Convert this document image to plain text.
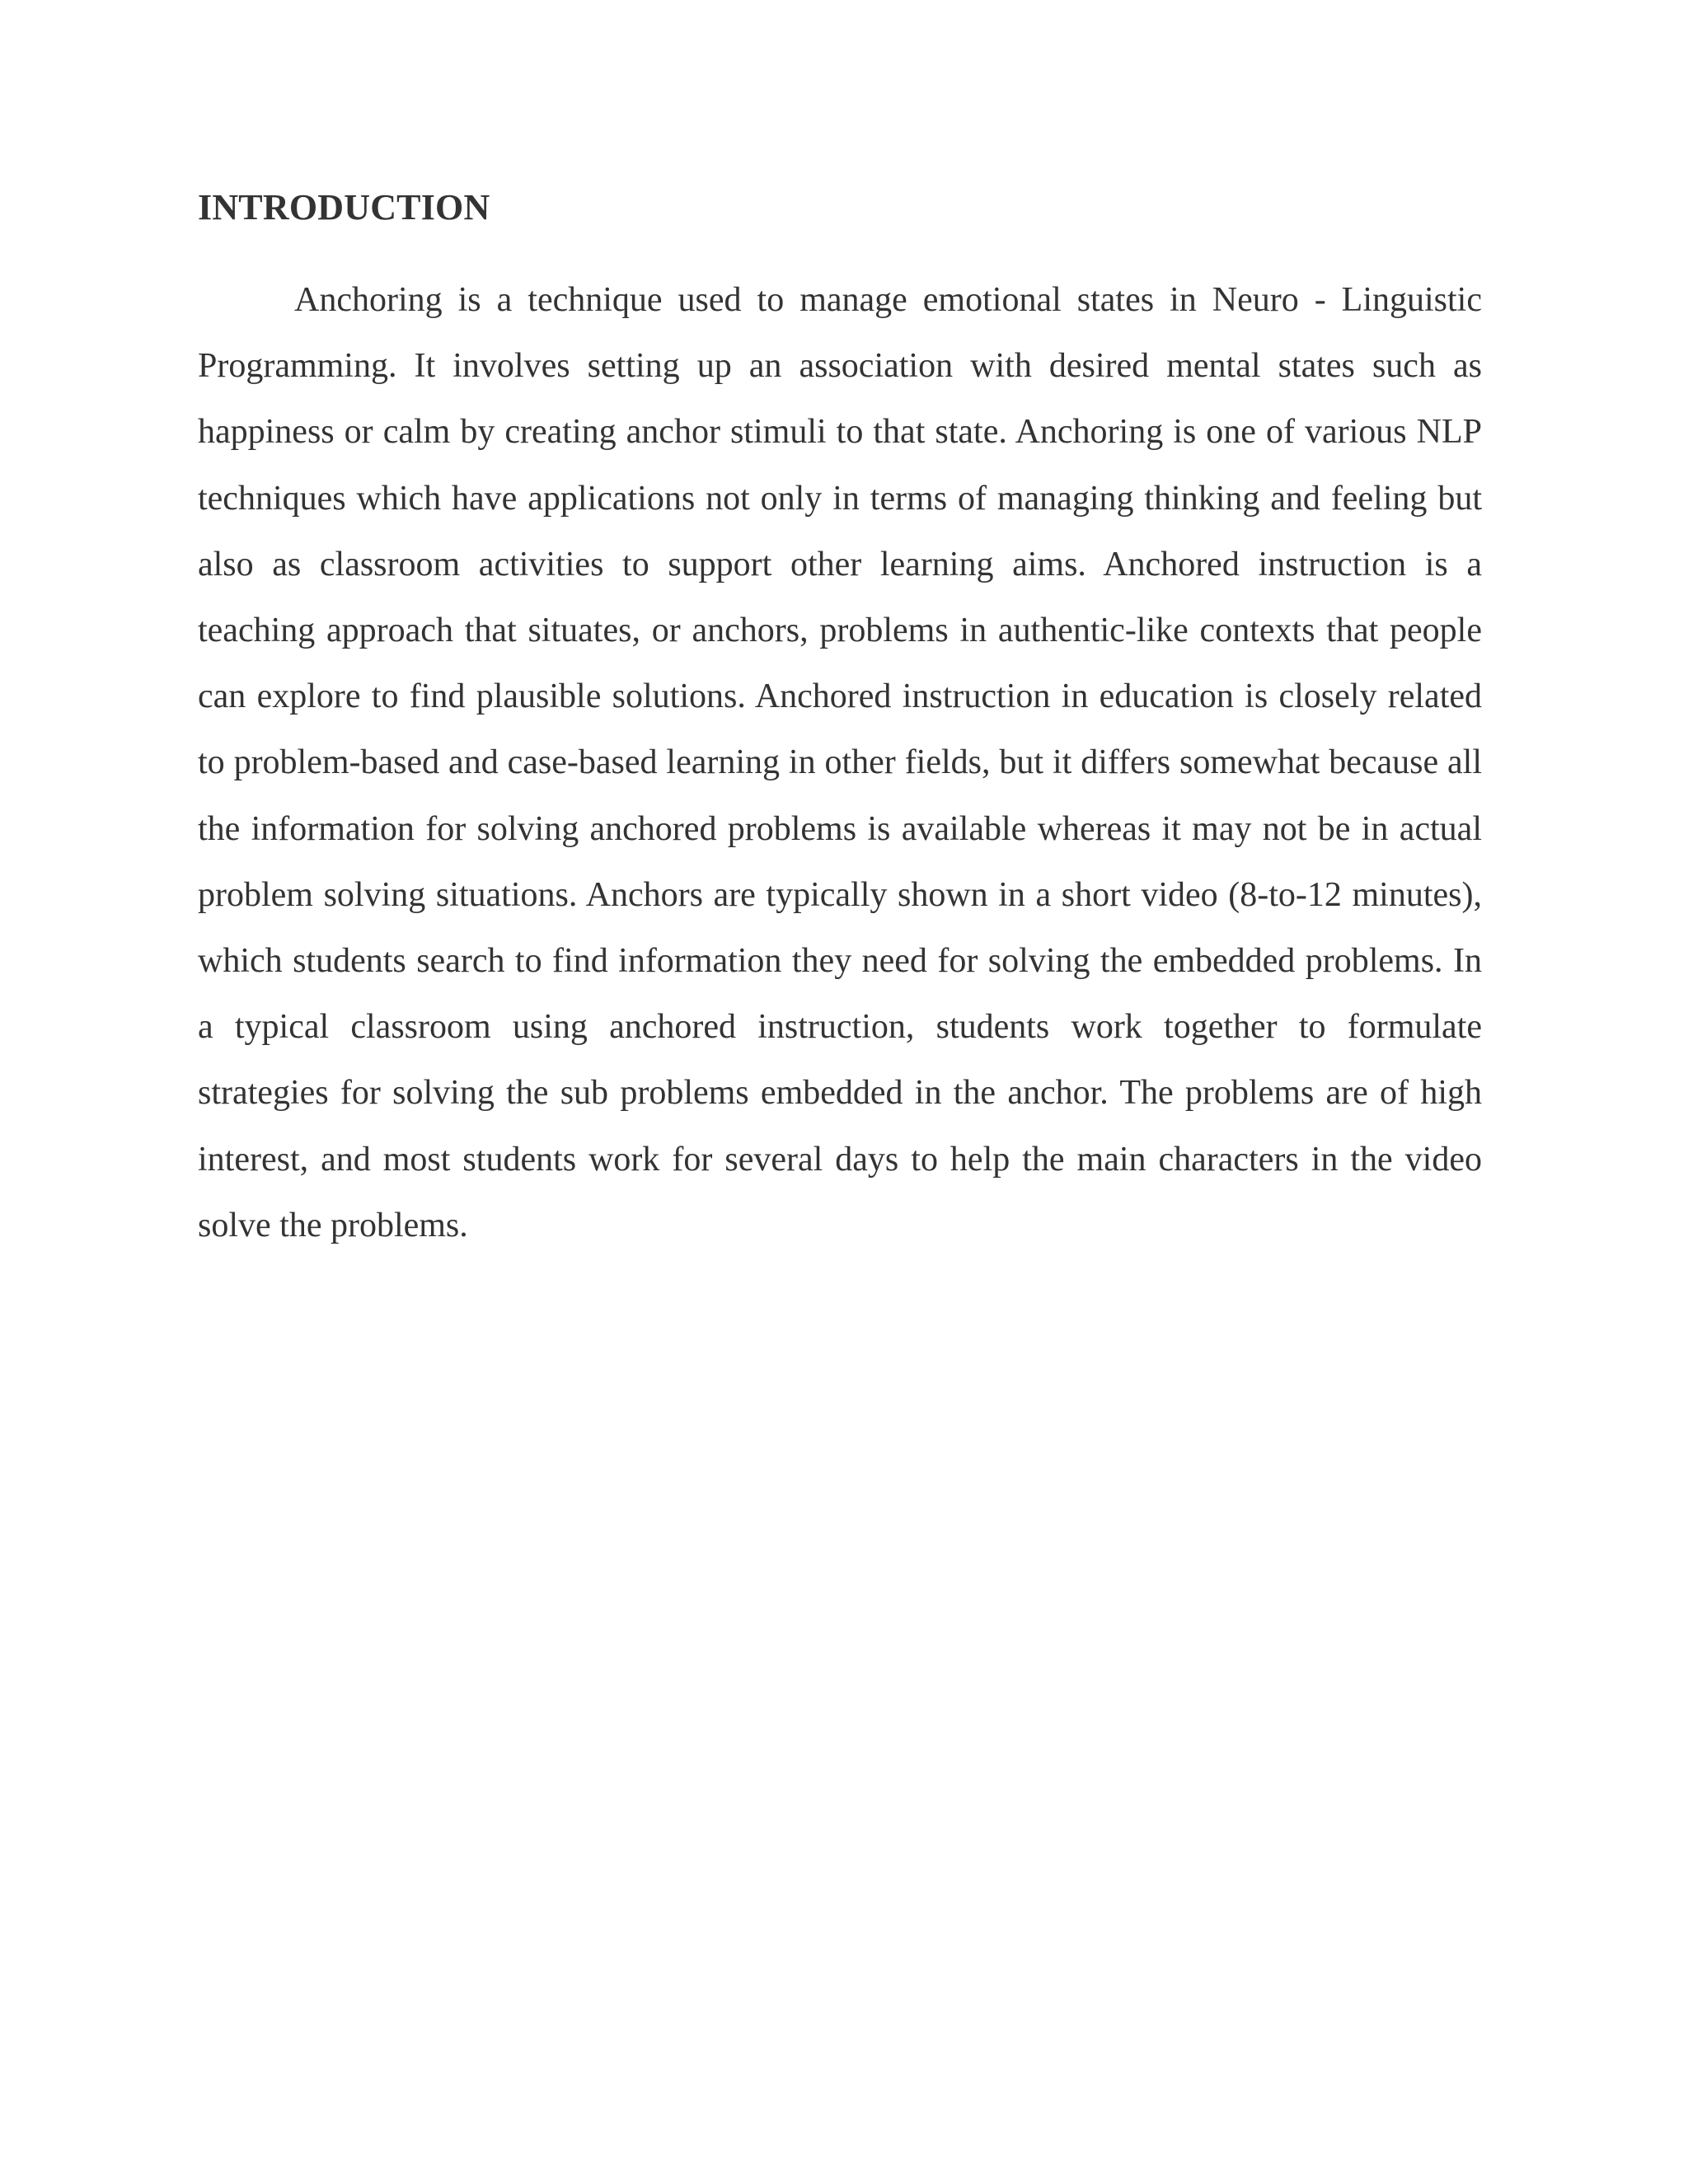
INTRODUCTION

Anchoring is a technique used to manage emotional states in Neuro - Linguistic Programming. It involves setting up an association with desired mental states such as happiness or calm by creating anchor stimuli to that state. Anchoring is one of various NLP techniques which have applications not only in terms of managing thinking and feeling but also as classroom activities to support other learning aims. Anchored instruction is a teaching approach that situates, or anchors, problems in authentic-like contexts that people can explore to find plausible solutions. Anchored instruction in education is closely related to problem-based and case-based learning in other fields, but it differs somewhat because all the information for solving anchored problems is available whereas it may not be in actual problem solving situations. Anchors are typically shown in a short video (8-to-12 minutes), which students search to find information they need for solving the embedded problems. In a typical classroom using anchored instruction, students work together to formulate strategies for solving the sub problems embedded in the anchor. The problems are of high interest, and most students work for several days to help the main characters in the video solve the problems.
